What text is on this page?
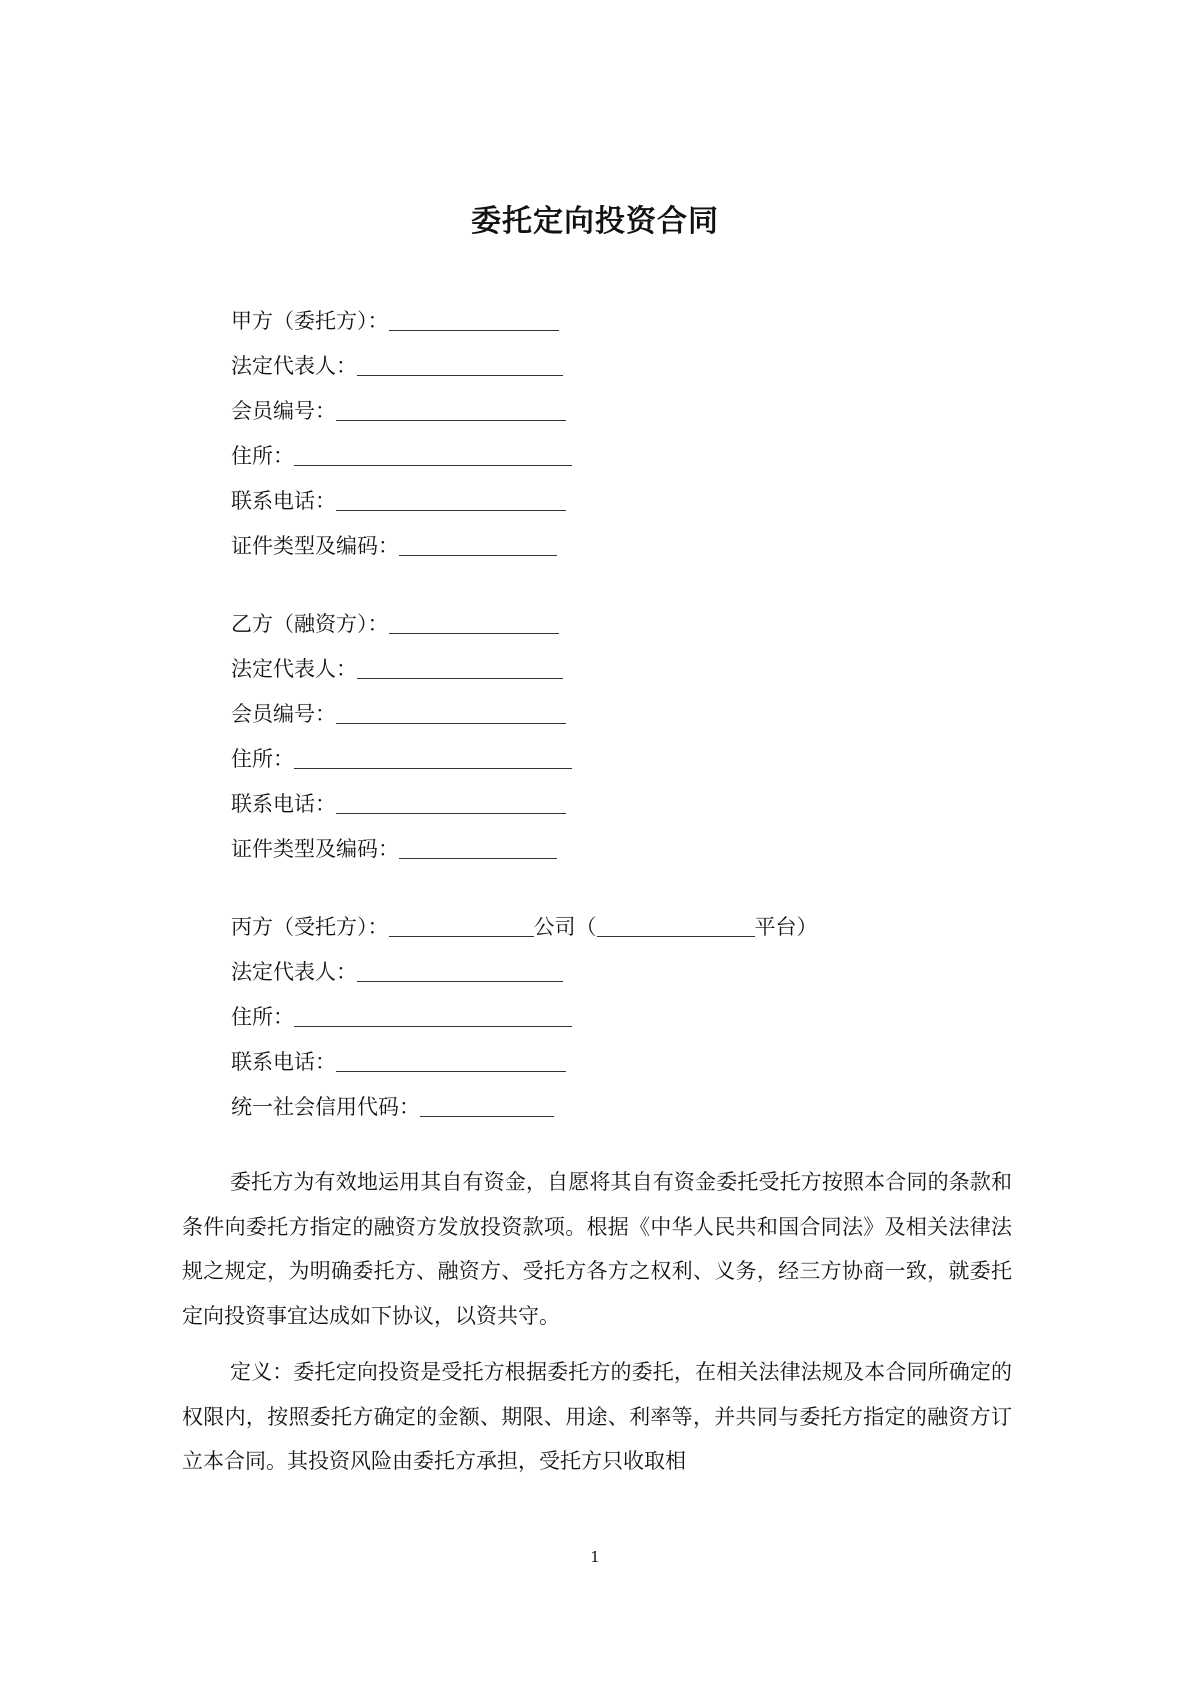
委托定向投资合同
甲方（委托方）：
法定代表人：
会员编号：
住所：
联系电话：
证件类型及编码：
乙方（融资方）：
法定代表人：
会员编号：
住所：
联系电话：
证件类型及编码：
丙方（受托方）：	公司（	平台）
法定代表人：
住所：
联系电话：
统一社会信用代码：
委托方为有效地运用其自有资金，自愿将其自有资金委托受托方按照本合同的条款和条件向委托方指定的融资方发放投资款项。根据《中华人民共和国合同法》及相关法律法规之规定，为明确委托方、融资方、受托方各方之权利、义务，经三方协商一致，就委托定向投资事宜达成如下协议，以资共守。
定义：委托定向投资是受托方根据委托方的委托，在相关法律法规及本合同所确定的权限内，按照委托方确定的金额、期限、用途、利率等，并共同与委托方指定的融资方订立本合同。其投资风险由委托方承担，受托方只收取相
1
